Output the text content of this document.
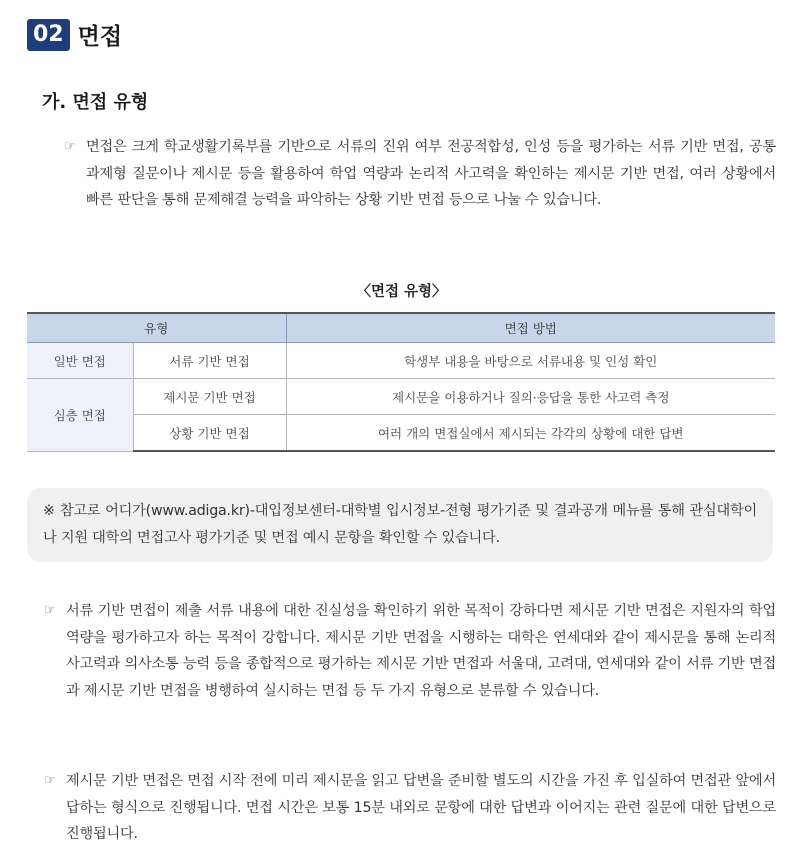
02 면접
가. 면접 유형
☞ 면접은 크게 학교생활기록부를 기반으로 서류의 진위 여부 전공적합성, 인성 등을 평가하는 서류 기반 면접, 공통 과제형 질문이나 제시문 등을 활용하여 학업 역량과 논리적 사고력을 확인하는 제시문 기반 면접, 여러 상황에서 빠른 판단을 통해 문제해결 능력을 파악하는 상황 기반 면접 등으로 나눌 수 있습니다.
〈면접 유형〉
유형		면접 방법
일반 면접	서류 기반 면접	학생부 내용을 바탕으로 서류내용 및 인성 확인
심층 면접	제시문 기반 면접	제시문을 이용하거나 질의·응답을 통한 사고력 측정
	상황 기반 면접	여러 개의 면접실에서 제시되는 각각의 상황에 대한 답변
※ 참고로 어디가(www.adiga.kr)-대입정보센터-대학별 입시정보-전형 평가기준 및 결과공개 메뉴를 통해 관심대학이나 지원 대학의 면접고사 평가기준 및 면접 예시 문항을 확인할 수 있습니다.
☞ 서류 기반 면접이 제출 서류 내용에 대한 진실성을 확인하기 위한 목적이 강하다면 제시문 기반 면접은 지원자의 학업역량을 평가하고자 하는 목적이 강합니다. 제시문 기반 면접을 시행하는 대학은 연세대와 같이 제시문을 통해 논리적 사고력과 의사소통 능력 등을 종합적으로 평가하는 제시문 기반 면접과 서울대, 고려대, 연세대와 같이 서류 기반 면접과 제시문 기반 면접을 병행하여 실시하는 면접 등 두 가지 유형으로 분류할 수 있습니다.
☞ 제시문 기반 면접은 면접 시작 전에 미리 제시문을 읽고 답변을 준비할 별도의 시간을 가진 후 입실하여 면접관 앞에서 답하는 형식으로 진행됩니다. 면접 시간은 보통 15분 내외로 문항에 대한 답변과 이어지는 관련 질문에 대한 답변으로 진행됩니다.
